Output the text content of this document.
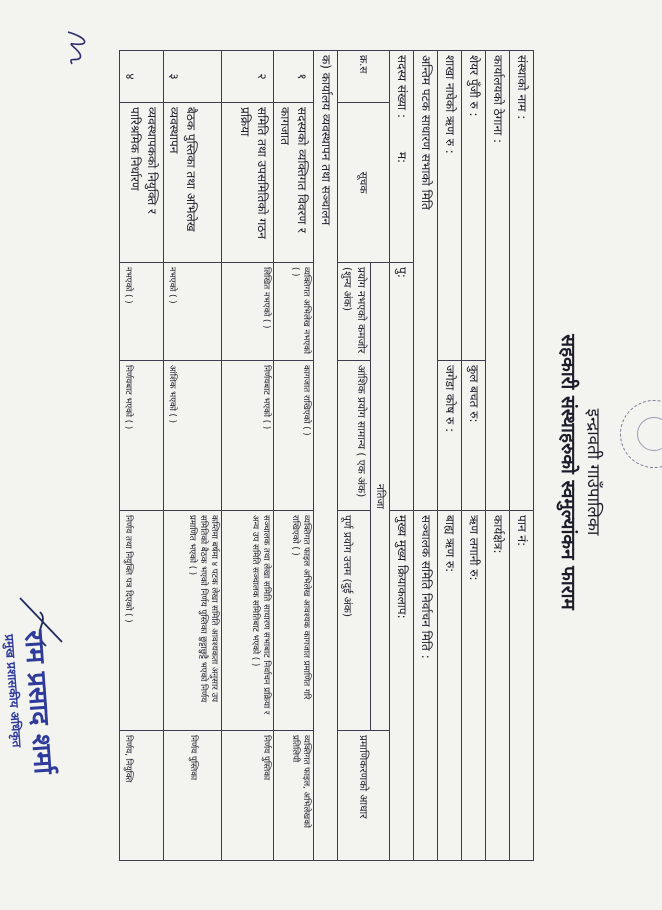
इन्द्रावती गाउँपालिका
सहकारी संस्थाहरुको स्वमुल्यांकन फाराम
संस्थाको नाम :				पान नं:	
कार्यालयको ठेगाना :				कार्यक्षेत्र:	
शेयर पुँजी रु :			कुल बचत रु:	ऋण लगानी रु:	
शाखा नाघेको ऋण रु :			जगेडा कोष रु :	बाह्य ऋण रु:	
अन्तिम पटक साधारण सभाको मिति				सञ्चालक समिति निर्वाचन मिति :	
सदस्य संख्या : म:		पु:		मुख्य मुख्य क्रियाकलाप:	
क्र.स	सूचक	नतिजा			प्रमाणिकरणको आधार
		प्रयोग नभएको कमजोर (शुन्य अंक)	आंशिक प्रयोग सामान्य ( एक अंक)	पूर्ण प्रयोग उत्तम (दुई अंक)	
क) कार्यालय व्यवस्थापन तथा सञ्चालन					
१	सदस्यको व्यक्तिगत विवरण र कागजात	व्यक्तिगत अभिलेख नभएको ( )	कागजात राखिएको ( )	व्यक्तिगत फाइल अभिलेख आवश्यक कागजात प्रमाणित गरि राखिएको ( )	व्यक्तिगत फाइल, अभिलेखको प्रतिलिपी
२	समिति तथा उपसमितिको गठन प्रक्रिया	लिखित नभएको ( )	निर्णयबाट भएको ( )	सञ्चालक तथा लेखा समिति साधारण सभाबाट निर्वाचन प्रक्रिया र अन्य उप समिति सञ्चालक समितिबाट भएको ( )	निर्णय पुस्तिका
३	बैठक पुस्तिका तथा अभिलेख व्यवस्थापन	नभएको ( )	आंशिक भएको ( )	कम्तिमा बर्षमा ४ पटक लेखा समिति आवश्यकता अनुसार उप समितिको बैठक भएको निर्णय पुस्तिका छुट्टाछुट्टै भएको निर्णय प्रमाणित भएको ( )	निर्णय पुस्तिका
४	व्यवस्थापकको नियुक्ति र पारिश्रमिक निर्धारण	नभएको ( )	निर्णयबाट भएको ( )	निर्णय तथा नियुक्ति पत्र दिएको ( )	निर्णय, नियुक्ति
राम प्रसाद शर्मा
प्रमुख प्रशासकीय अधिकृत
